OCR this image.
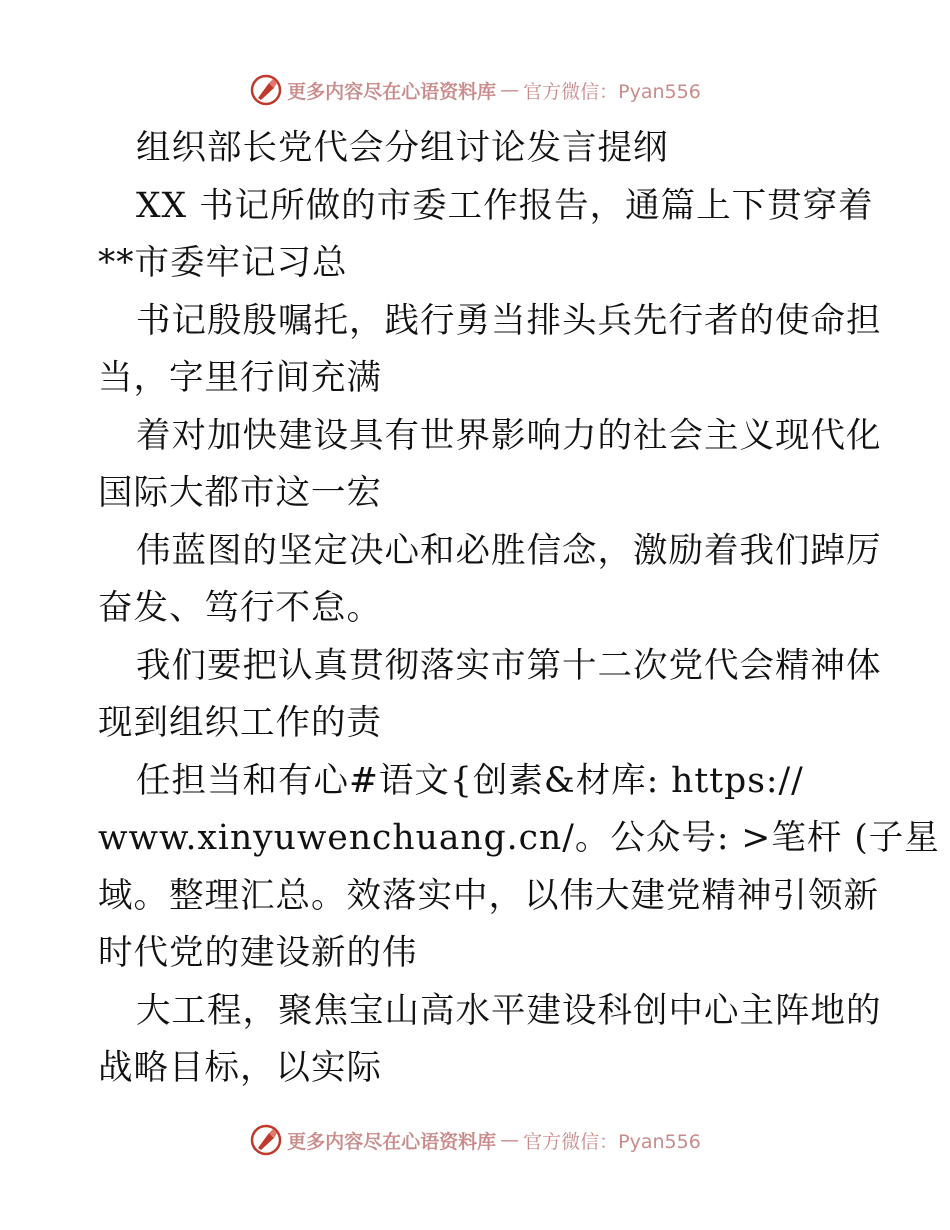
更多内容尽在心语资料库 — 官方微信：Pyan556
组织部长党代会分组讨论发言提纲
XX 书记所做的市委工作报告，通篇上下贯穿着
**市委牢记习总
书记殷殷嘱托，践行勇当排头兵先行者的使命担
当，字里行间充满
着对加快建设具有世界影响力的社会主义现代化
国际大都市这一宏
伟蓝图的坚定决心和必胜信念，激励着我们踔厉
奋发、笃行不怠。
我们要把认真贯彻落实市第十二次党代会精神体
现到组织工作的责
任担当和有心#语文{创素&材库: https://
www.xinyuwenchuang.cn/。公众号: >笔杆 (子星
域。整理汇总。效落实中，以伟大建党精神引领新
时代党的建设新的伟
大工程，聚焦宝山高水平建设科创中心主阵地的
战略目标，以实际
更多内容尽在心语资料库 — 官方微信：Pyan556
